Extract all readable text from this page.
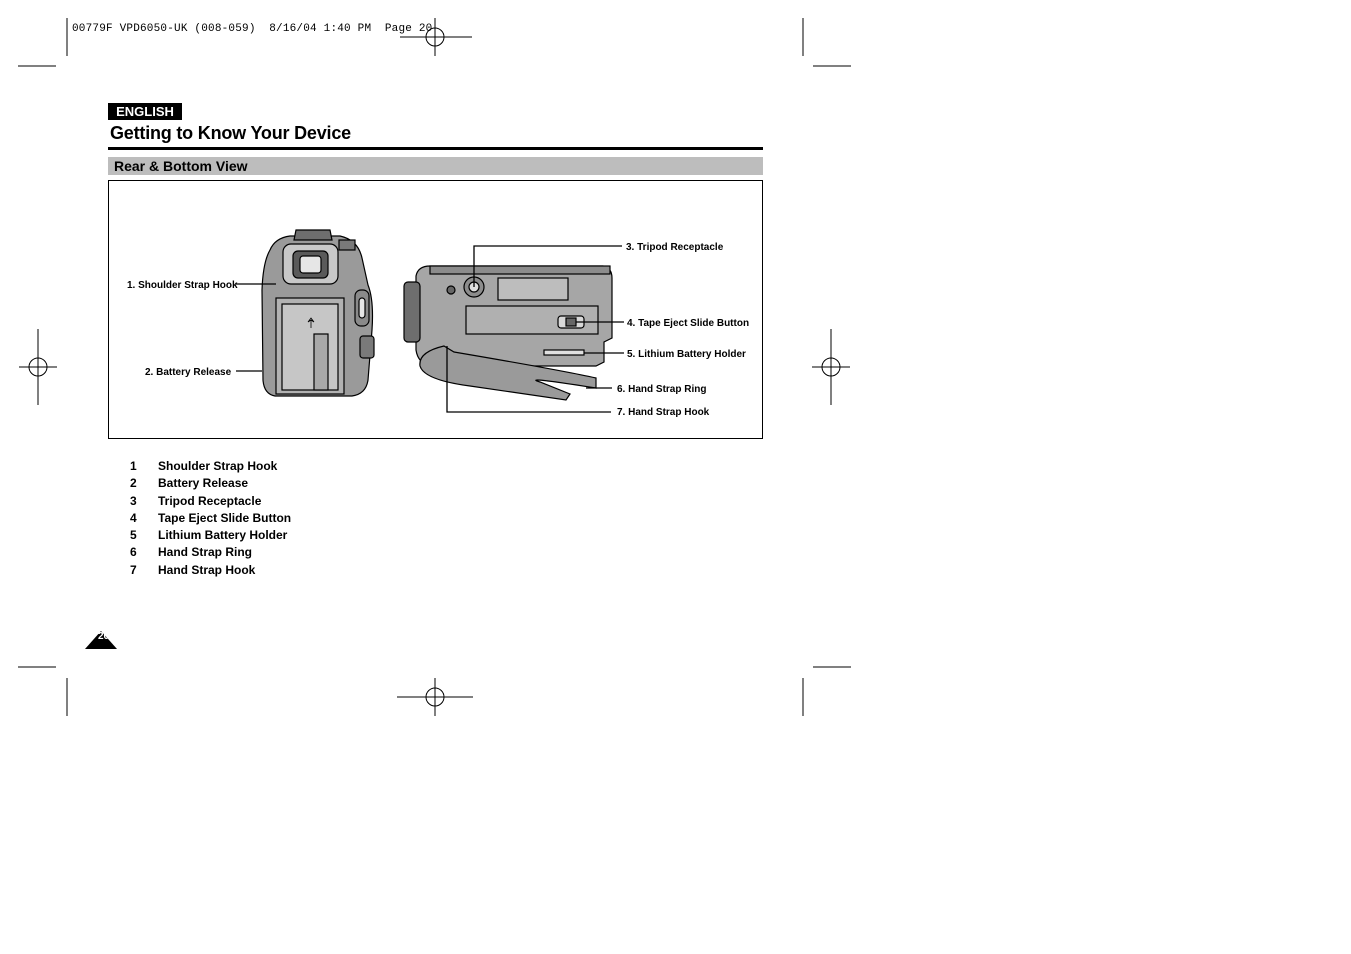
00779F VPD6050-UK (008-059)  8/16/04 1:40 PM  Page 20
1. Shoulder Strap Hook
2. Battery Release
3. Tripod Receptacle
4. Tape Eject Slide Button
5. Lithium Battery Holder
6. Hand Strap Ring
7. Hand Strap Hook
ENGLISH
Getting to Know Your Device
Rear & Bottom View
1	Shoulder Strap Hook
2	Battery Release
3	Tripod Receptacle
4	Tape Eject Slide Button
5	Lithium Battery Holder
6	Hand Strap Ring
7	Hand Strap Hook
20
